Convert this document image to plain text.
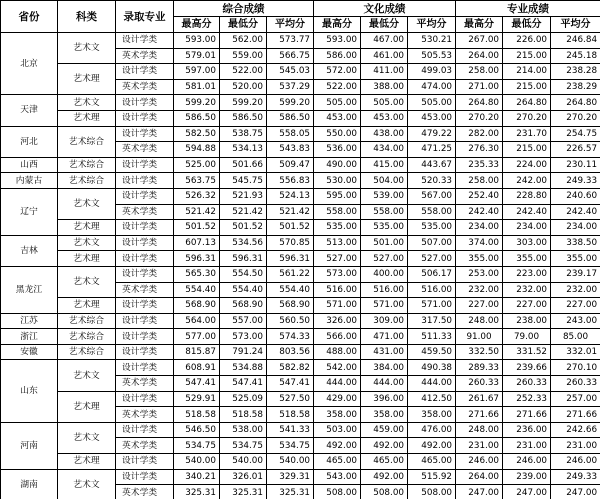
省份	科类	录取专业	综合成绩			文化成绩			专业成绩		
			最高分	最低分	平均分	最高分	最低分	平均分	最高分	最低分	平均分
北京	艺术文	设计学类	593.00	562.00	573.77	593.00	467.00	530.21	267.00	226.00	246.84
		英术学类	579.01	559.00	566.75	586.00	461.00	505.53	264.00	215.00	245.18
	艺术理	设计学类	597.00	522.00	545.03	572.00	411.00	499.03	258.00	214.00	238.28
		英术学类	581.01	520.00	537.29	522.00	388.00	474.00	271.00	215.00	238.29
天津	艺术文	设计学类	599.20	599.20	599.20	505.00	505.00	505.00	264.80	264.80	264.80
	艺术理	设计学类	586.50	586.50	586.50	453.00	453.00	453.00	270.20	270.20	270.20
河北	艺术综合	设计学类	582.50	538.75	558.05	550.00	438.00	479.22	282.00	231.70	254.75
		英术学类	594.88	534.13	543.83	536.00	434.00	471.25	276.30	215.00	226.57
山西	艺术综合	设计学类	525.00	501.66	509.47	490.00	415.00	443.67	235.33	224.00	230.11
内蒙古	艺术综合	设计学类	563.75	545.75	556.83	530.00	504.00	520.33	258.00	242.00	249.33
辽宁	艺术文	设计学类	526.32	521.93	524.13	595.00	539.00	567.00	252.40	228.80	240.60
		英术学类	521.42	521.42	521.42	558.00	558.00	558.00	242.40	242.40	242.40
	艺术理	设计学类	501.52	501.52	501.52	535.00	535.00	535.00	234.00	234.00	234.00
吉林	艺术文	设计学类	607.13	534.56	570.85	513.00	501.00	507.00	374.00	303.00	338.50
	艺术理	设计学类	596.31	596.31	596.31	527.00	527.00	527.00	355.00	355.00	355.00
黑龙江	艺术文	设计学类	565.30	554.50	561.22	573.00	400.00	506.17	253.00	223.00	239.17
		英术学类	554.40	554.40	554.40	516.00	516.00	516.00	232.00	232.00	232.00
	艺术理	设计学类	568.90	568.90	568.90	571.00	571.00	571.00	227.00	227.00	227.00
江苏	艺术综合	设计学类	564.00	557.00	560.50	326.00	309.00	317.50	248.00	238.00	243.00
浙江	艺术综合	设计学类	577.00	573.00	574.33	566.00	471.00	511.33	91.00	79.00	85.00
安徽	艺术综合	设计学类	815.87	791.24	803.56	488.00	431.00	459.50	332.50	331.52	332.01
山东	艺术文	设计学类	608.91	534.88	582.82	542.00	384.00	490.38	289.33	239.66	270.10
		英术学类	547.41	547.41	547.41	444.00	444.00	444.00	260.33	260.33	260.33
	艺术理	设计学类	529.91	525.09	527.50	429.00	396.00	412.50	261.67	252.33	257.00
		英术学类	518.58	518.58	518.58	358.00	358.00	358.00	271.66	271.66	271.66
河南	艺术文	设计学类	546.50	538.00	541.33	503.00	459.00	476.00	248.00	236.00	242.66
		英术学类	534.75	534.75	534.75	492.00	492.00	492.00	231.00	231.00	231.00
	艺术理	设计学类	540.00	540.00	540.00	465.00	465.00	465.00	246.00	246.00	246.00
湖南	艺术文	设计学类	340.21	326.01	329.31	543.00	492.00	515.92	264.00	239.00	249.33
		英术学类	325.31	325.31	325.31	508.00	508.00	508.00	247.00	247.00	247.00
